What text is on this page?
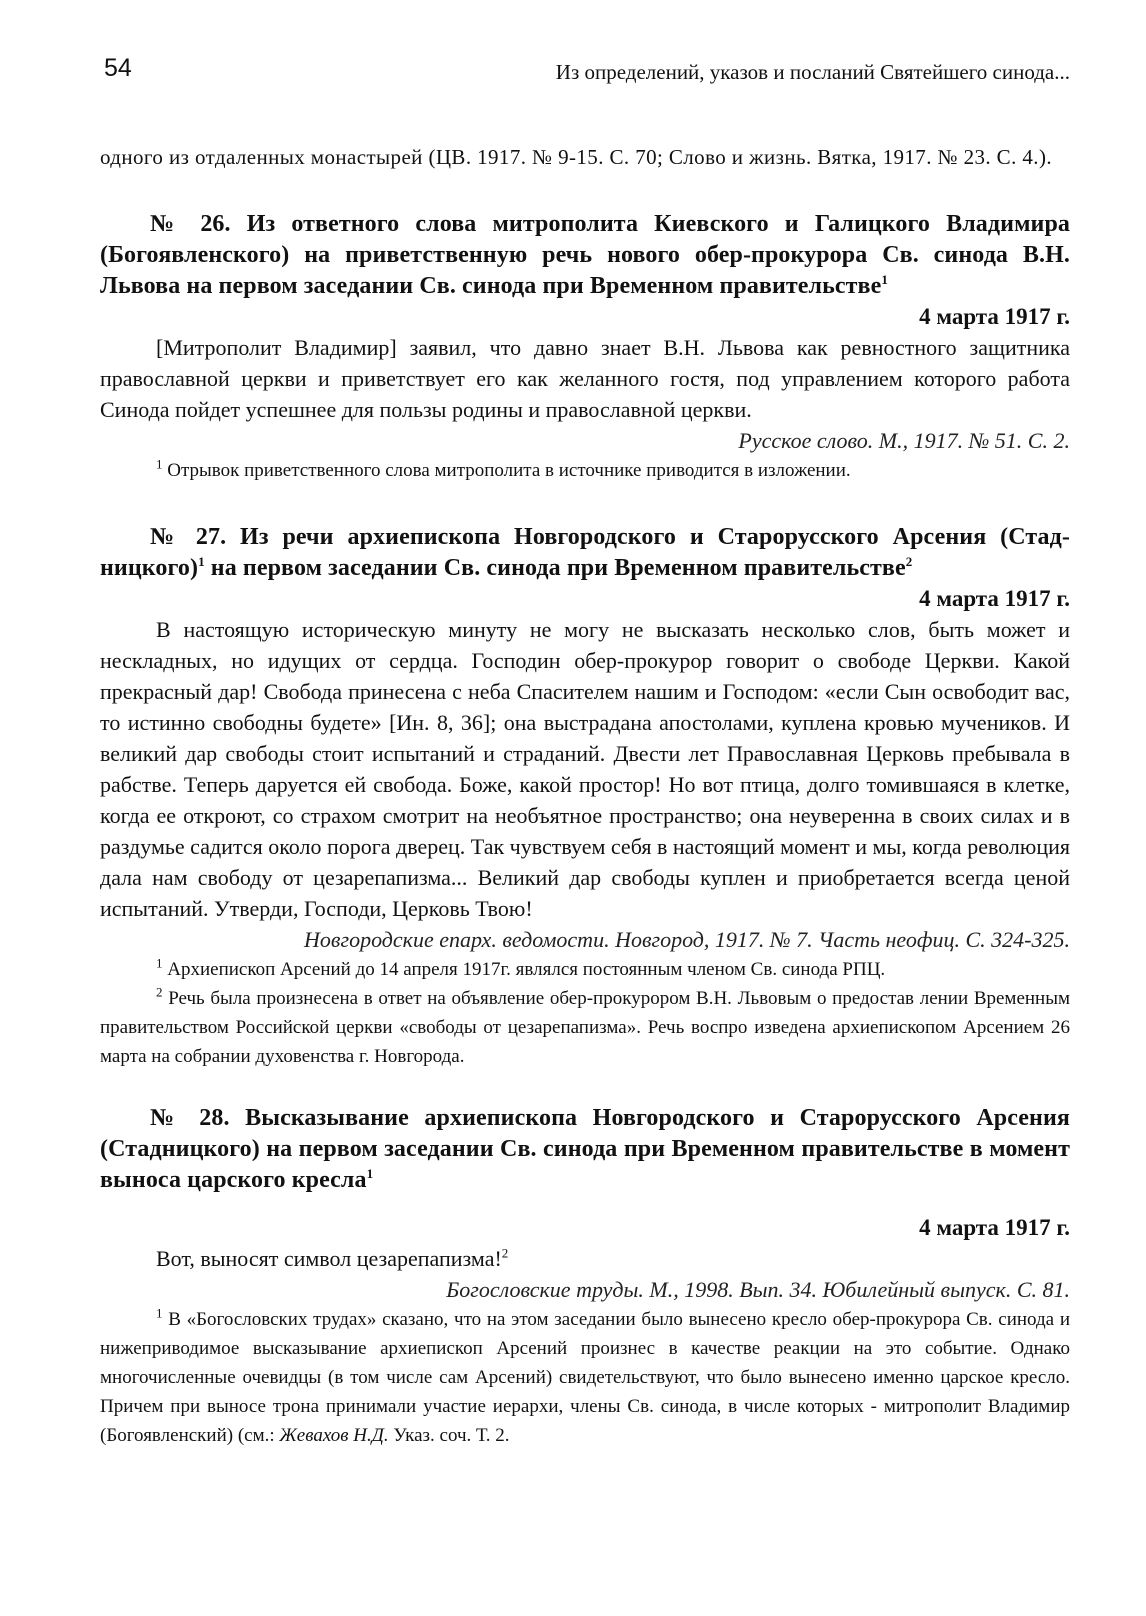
54	Из определений, указов и посланий Святейшего синода...

одного из отдаленных монастырей (ЦВ. 1917. № 9-15. С. 70; Слово и жизнь. Вятка, 1917. № 23. С. 4.).

№ 26. Из ответного слова митрополита Киевского и Галицкого Владимира (Богоявленского) на приветственную речь нового обер-прокурора Св. синода В.Н. Львова на первом заседании Св. синода при Временном правительстве$^1$

4 марта 1917 г.

[Митрополит Владимир] заявил, что давно знает В.Н. Львова как ревностного защитника православной церкви и приветствует его как желанного гостя, под управлением которого работа Синода пойдет успешнее для пользы родины и православной церкви.

Русское слово. М., 1917. № 51. С. 2.

$^1$ Отрывок приветственного слова митрополита в источнике приводится в изложении.

№ 27. Из речи архиепископа Новгородского и Старорусского Арсения (Стад-ницкого)$^1$ на первом заседании Св. синода при Временном правительстве$^2$

4 марта 1917 г.

В настоящую историческую минуту не могу не высказать несколько слов, быть может и нескладных, но идущих от сердца. Господин обер-прокурор говорит о свободе Церкви. Какой прекрасный дар! Свобода принесена с неба Спасителем нашим и Господом: «если Сын освободит вас, то истинно свободны будете» [Ин. 8, 36]; она выстрадана апостолами, куплена кровью мучеников. И великий дар свободы стоит испытаний и страданий. Двести лет Православная Церковь пребывала в рабстве. Теперь даруется ей свобода. Боже, какой простор! Но вот птица, долго томившаяся в клетке, когда ее откроют, со страхом смотрит на необъятное пространство; она неуверенна в своих силах и в раздумье садится около порога дверец. Так чувствуем себя в настоящий момент и мы, когда революция дала нам свободу от цезарепапизма... Великий дар свободы куплен и приобретается всегда ценой испытаний. Утверди, Господи, Церковь Твою!

Новгородские епарх. ведомости. Новгород, 1917. № 7. Часть неофиц. С. 324-325.

$^1$ Архиепископ Арсений до 14 апреля 1917г. являлся постоянным членом Св. синода РПЦ.

$^2$ Речь была произнесена в ответ на объявление обер-прокурором В.Н. Львовым о предостав лении Временным правительством Российской церкви «свободы от цезарепапизма». Речь воспро изведена архиепископом Арсением 26 марта на собрании духовенства г. Новгорода.

№ 28. Высказывание архиепископа Новгородского и Старорусского Арсения (Стадницкого) на первом заседании Св. синода при Временном правительстве в момент выноса царского кресла$^1$

4 марта 1917 г.

Вот, выносят символ цезарепапизма!$^2$

Богословские труды. М., 1998. Вып. 34. Юбилейный выпуск. С. 81.

$^1$ В «Богословских трудах» сказано, что на этом заседании было вынесено кресло обер-прокурора Св. синода и нижеприводимое высказывание архиепископ Арсений произнес в качестве реакции на это событие. Однако многочисленные очевидцы (в том числе сам Арсений) свидетельствуют, что было вынесено именно царское кресло. Причем при выносе трона принимали участие иерархи, члены Св. синода, в числе которых - митрополит Владимир (Богоявленский) (см.: Жевахов Н.Д. Указ. соч. Т. 2.
